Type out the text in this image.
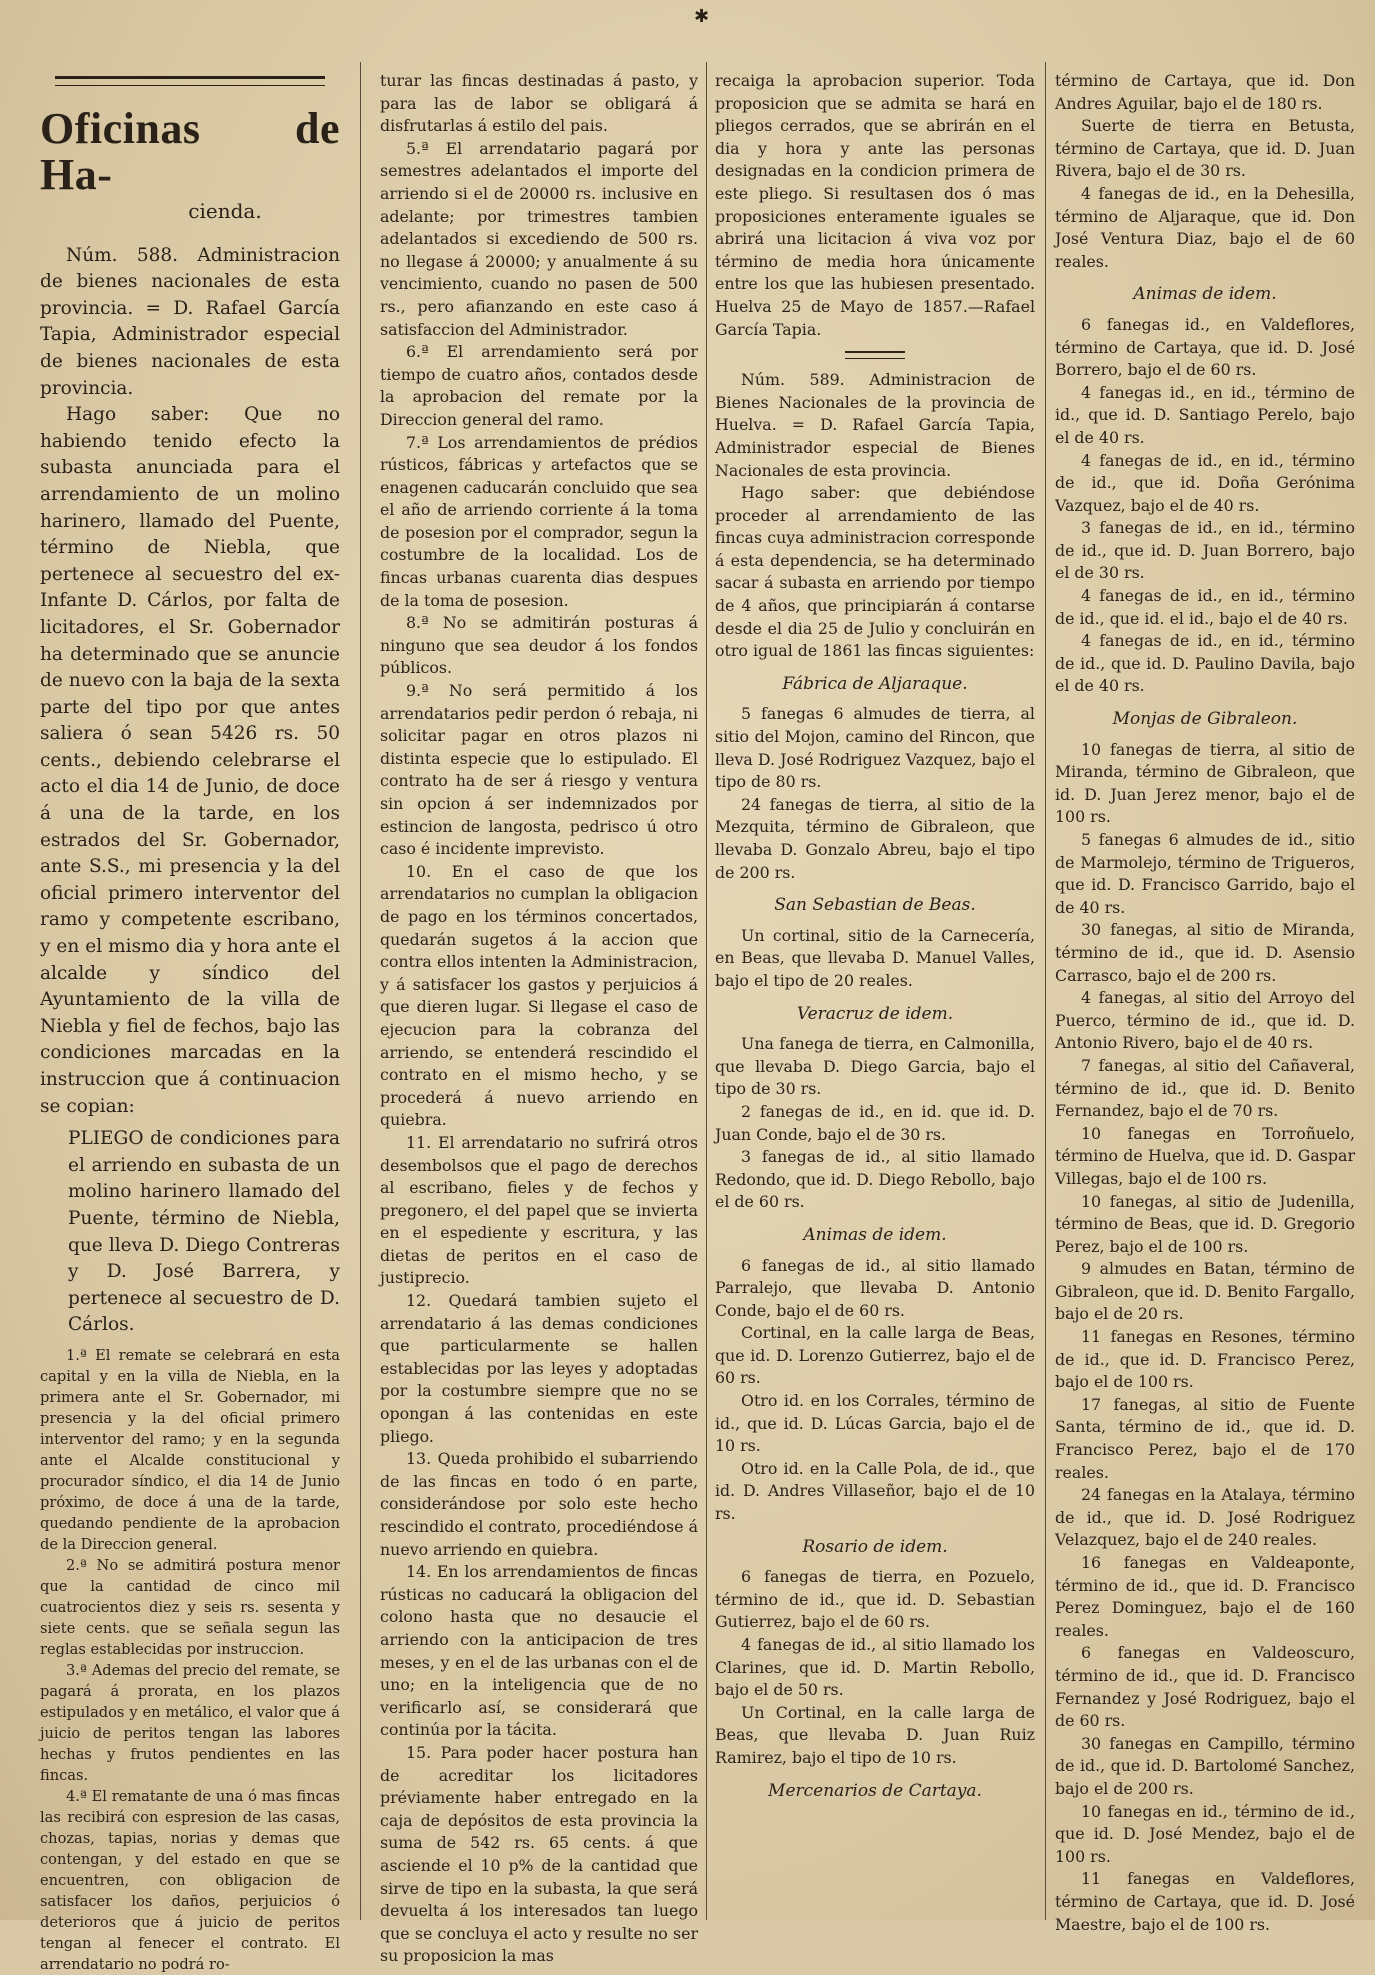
✱
Oficinas de Ha-
cienda.

Núm. 588. Administracion de bienes nacionales de esta provincia. = D. Rafael García Tapia, Administrador especial de bienes nacionales de esta provincia.

Hago saber: Que no habiendo tenido efecto la subasta anunciada para el arrendamiento de un molino harinero, llamado del Puente, término de Niebla, que pertenece al secuestro del ex-Infante D. Cárlos, por falta de licitadores, el Sr. Gobernador ha determinado que se anuncie de nuevo con la baja de la sexta parte del tipo por que antes saliera ó sean 5426 rs. 50 cents., debiendo celebrarse el acto el dia 14 de Junio, de doce á una de la tarde, en los estrados del Sr. Gobernador, ante S.S., mi presencia y la del oficial primero interventor del ramo y competente escribano, y en el mismo dia y hora ante el alcalde y síndico del Ayuntamiento de la villa de Niebla y fiel de fechos, bajo las condiciones marcadas en la instruccion que á continuacion se copian:

PLIEGO de condiciones para el arriendo en subasta de un molino harinero llamado del Puente, término de Niebla, que lleva D. Diego Contreras y D. José Barrera, y pertenece al secuestro de D. Cárlos.

1.ª El remate se celebrará en esta capital y en la villa de Niebla, en la primera ante el Sr. Gobernador, mi presencia y la del oficial primero interventor del ramo; y en la segunda ante el Alcalde constitucional y procurador síndico, el dia 14 de Junio próximo, de doce á una de la tarde, quedando pendiente de la aprobacion de la Direccion general.

2.ª No se admitirá postura menor que la cantidad de cinco mil cuatrocientos diez y seis rs. sesenta y siete cents. que se señala segun las reglas establecidas por instruccion.

3.ª Ademas del precio del remate, se pagará á prorata, en los plazos estipulados y en metálico, el valor que á juicio de peritos tengan las labores hechas y frutos pendientes en las fincas.

4.ª El rematante de una ó mas fincas las recibirá con espresion de las casas, chozas, tapias, norias y demas que contengan, y del estado en que se encuentren, con obligacion de satisfacer los daños, perjuicios ó deterioros que á juicio de peritos tengan al fenecer el contrato. El arrendatario no podrá ro-

turar las fincas destinadas á pasto, y para las de labor se obligará á disfrutarlas á estilo del pais.

5.ª El arrendatario pagará por semestres adelantados el importe del arriendo si el de 20000 rs. inclusive en adelante; por trimestres tambien adelantados si excediendo de 500 rs. no llegase á 20000; y anualmente á su vencimiento, cuando no pasen de 500 rs., pero afianzando en este caso á satisfaccion del Administrador.

6.ª El arrendamiento será por tiempo de cuatro años, contados desde la aprobacion del remate por la Direccion general del ramo.

7.ª Los arrendamientos de prédios rústicos, fábricas y artefactos que se enagenen caducarán concluido que sea el año de arriendo corriente á la toma de posesion por el comprador, segun la costumbre de la localidad. Los de fincas urbanas cuarenta dias despues de la toma de posesion.

8.ª No se admitirán posturas á ninguno que sea deudor á los fondos públicos.

9.ª No será permitido á los arrendatarios pedir perdon ó rebaja, ni solicitar pagar en otros plazos ni distinta especie que lo estipulado. El contrato ha de ser á riesgo y ventura sin opcion á ser indemnizados por estincion de langosta, pedrisco ú otro caso é incidente imprevisto.

10. En el caso de que los arrendatarios no cumplan la obligacion de pago en los términos concertados, quedarán sugetos á la accion que contra ellos intenten la Administracion, y á satisfacer los gastos y perjuicios á que dieren lugar. Si llegase el caso de ejecucion para la cobranza del arriendo, se entenderá rescindido el contrato en el mismo hecho, y se procederá á nuevo arriendo en quiebra.

11. El arrendatario no sufrirá otros desembolsos que el pago de derechos al escribano, fieles y de fechos y pregonero, el del papel que se invierta en el espediente y escritura, y las dietas de peritos en el caso de justiprecio.

12. Quedará tambien sujeto el arrendatario á las demas condiciones que particularmente se hallen establecidas por las leyes y adoptadas por la costumbre siempre que no se opongan á las contenidas en este pliego.

13. Queda prohibido el subarriendo de las fincas en todo ó en parte, considerándose por solo este hecho rescindido el contrato, procediéndose á nuevo arriendo en quiebra.

14. En los arrendamientos de fincas rústicas no caducará la obligacion del colono hasta que no desaucie el arriendo con la anticipacion de tres meses, y en el de las urbanas con el de uno; en la inteligencia que de no verificarlo así, se considerará que continúa por la tácita.

15. Para poder hacer postura han de acreditar los licitadores préviamente haber entregado en la caja de depósitos de esta provincia la suma de 542 rs. 65 cents. á que asciende el 10 p% de la cantidad que sirve de tipo en la subasta, la que será devuelta á los interesados tan luego que se concluya el acto y resulte no ser su proposicion la mas

recaiga la aprobacion superior. Toda proposicion que se admita se hará en pliegos cerrados, que se abrirán en el dia y hora y ante las personas designadas en la condicion primera de este pliego. Si resultasen dos ó mas proposiciones enteramente iguales se abrirá una licitacion á viva voz por término de media hora únicamente entre los que las hubiesen presentado. Huelva 25 de Mayo de 1857.—Rafael García Tapia.

Núm. 589. Administracion de Bienes Nacionales de la provincia de Huelva. = D. Rafael García Tapia, Administrador especial de Bienes Nacionales de esta provincia.

Hago saber: que debiéndose proceder al arrendamiento de las fincas cuya administracion corresponde á esta dependencia, se ha determinado sacar á subasta en arriendo por tiempo de 4 años, que principiarán á contarse desde el dia 25 de Julio y concluirán en otro igual de 1861 las fincas siguientes:

Fábrica de Aljaraque.

5 fanegas 6 almudes de tierra, al sitio del Mojon, camino del Rincon, que lleva D. José Rodriguez Vazquez, bajo el tipo de 80 rs.

24 fanegas de tierra, al sitio de la Mezquita, término de Gibraleon, que llevaba D. Gonzalo Abreu, bajo el tipo de 200 rs.

San Sebastian de Beas.

Un cortinal, sitio de la Carnecería, en Beas, que llevaba D. Manuel Valles, bajo el tipo de 20 reales.

Veracruz de idem.

Una fanega de tierra, en Calmonilla, que llevaba D. Diego Garcia, bajo el tipo de 30 rs.

2 fanegas de id., en id. que id. D. Juan Conde, bajo el de 30 rs.

3 fanegas de id., al sitio llamado Redondo, que id. D. Diego Rebollo, bajo el de 60 rs.

Animas de idem.

6 fanegas de id., al sitio llamado Parralejo, que llevaba D. Antonio Conde, bajo el de 60 rs.

Cortinal, en la calle larga de Beas, que id. D. Lorenzo Gutierrez, bajo el de 60 rs.

Otro id. en los Corrales, término de id., que id. D. Lúcas Garcia, bajo el de 10 rs.

Otro id. en la Calle Pola, de id., que id. D. Andres Villaseñor, bajo el de 10 rs.

Rosario de idem.

6 fanegas de tierra, en Pozuelo, término de id., que id. D. Sebastian Gutierrez, bajo el de 60 rs.

4 fanegas de id., al sitio llamado los Clarines, que id. D. Martin Rebollo, bajo el de 50 rs.

Un Cortinal, en la calle larga de Beas, que llevaba D. Juan Ruiz Ramirez, bajo el tipo de 10 rs.

Mercenarios de Cartaya.

término de Cartaya, que id. Don Andres Aguilar, bajo el de 180 rs.

Suerte de tierra en Betusta, término de Cartaya, que id. D. Juan Rivera, bajo el de 30 rs.

4 fanegas de id., en la Dehesilla, término de Aljaraque, que id. Don José Ventura Diaz, bajo el de 60 reales.

Animas de idem.

6 fanegas id., en Valdeflores, término de Cartaya, que id. D. José Borrero, bajo el de 60 rs.

4 fanegas id., en id., término de id., que id. D. Santiago Perelo, bajo el de 40 rs.

4 fanegas de id., en id., término de id., que id. Doña Gerónima Vazquez, bajo el de 40 rs.

3 fanegas de id., en id., término de id., que id. D. Juan Borrero, bajo el de 30 rs.

4 fanegas de id., en id., término de id., que id. el id., bajo el de 40 rs.

4 fanegas de id., en id., término de id., que id. D. Paulino Davila, bajo el de 40 rs.

Monjas de Gibraleon.

10 fanegas de tierra, al sitio de Miranda, término de Gibraleon, que id. D. Juan Jerez menor, bajo el de 100 rs.

5 fanegas 6 almudes de id., sitio de Marmolejo, término de Trigueros, que id. D. Francisco Garrido, bajo el de 40 rs.

30 fanegas, al sitio de Miranda, término de id., que id. D. Asensio Carrasco, bajo el de 200 rs.

4 fanegas, al sitio del Arroyo del Puerco, término de id., que id. D. Antonio Rivero, bajo el de 40 rs.

7 fanegas, al sitio del Cañaveral, término de id., que id. D. Benito Fernandez, bajo el de 70 rs.

10 fanegas en Torroñuelo, término de Huelva, que id. D. Gaspar Villegas, bajo el de 100 rs.

10 fanegas, al sitio de Judenilla, término de Beas, que id. D. Gregorio Perez, bajo el de 100 rs.

9 almudes en Batan, término de Gibraleon, que id. D. Benito Fargallo, bajo el de 20 rs.

11 fanegas en Resones, término de id., que id. D. Francisco Perez, bajo el de 100 rs.

17 fanegas, al sitio de Fuente Santa, término de id., que id. D. Francisco Perez, bajo el de 170 reales.

24 fanegas en la Atalaya, término de id., que id. D. José Rodriguez Velazquez, bajo el de 240 reales.

16 fanegas en Valdeaponte, término de id., que id. D. Francisco Perez Dominguez, bajo el de 160 reales.

6 fanegas en Valdeoscuro, término de id., que id. D. Francisco Fernandez y José Rodriguez, bajo el de 60 rs.

30 fanegas en Campillo, término de id., que id. D. Bartolomé Sanchez, bajo el de 200 rs.

10 fanegas en id., término de id., que id. D. José Mendez, bajo el de 100 rs.

11 fanegas en Valdeflores, término de Cartaya, que id. D. José Maestre, bajo el de 100 rs.
